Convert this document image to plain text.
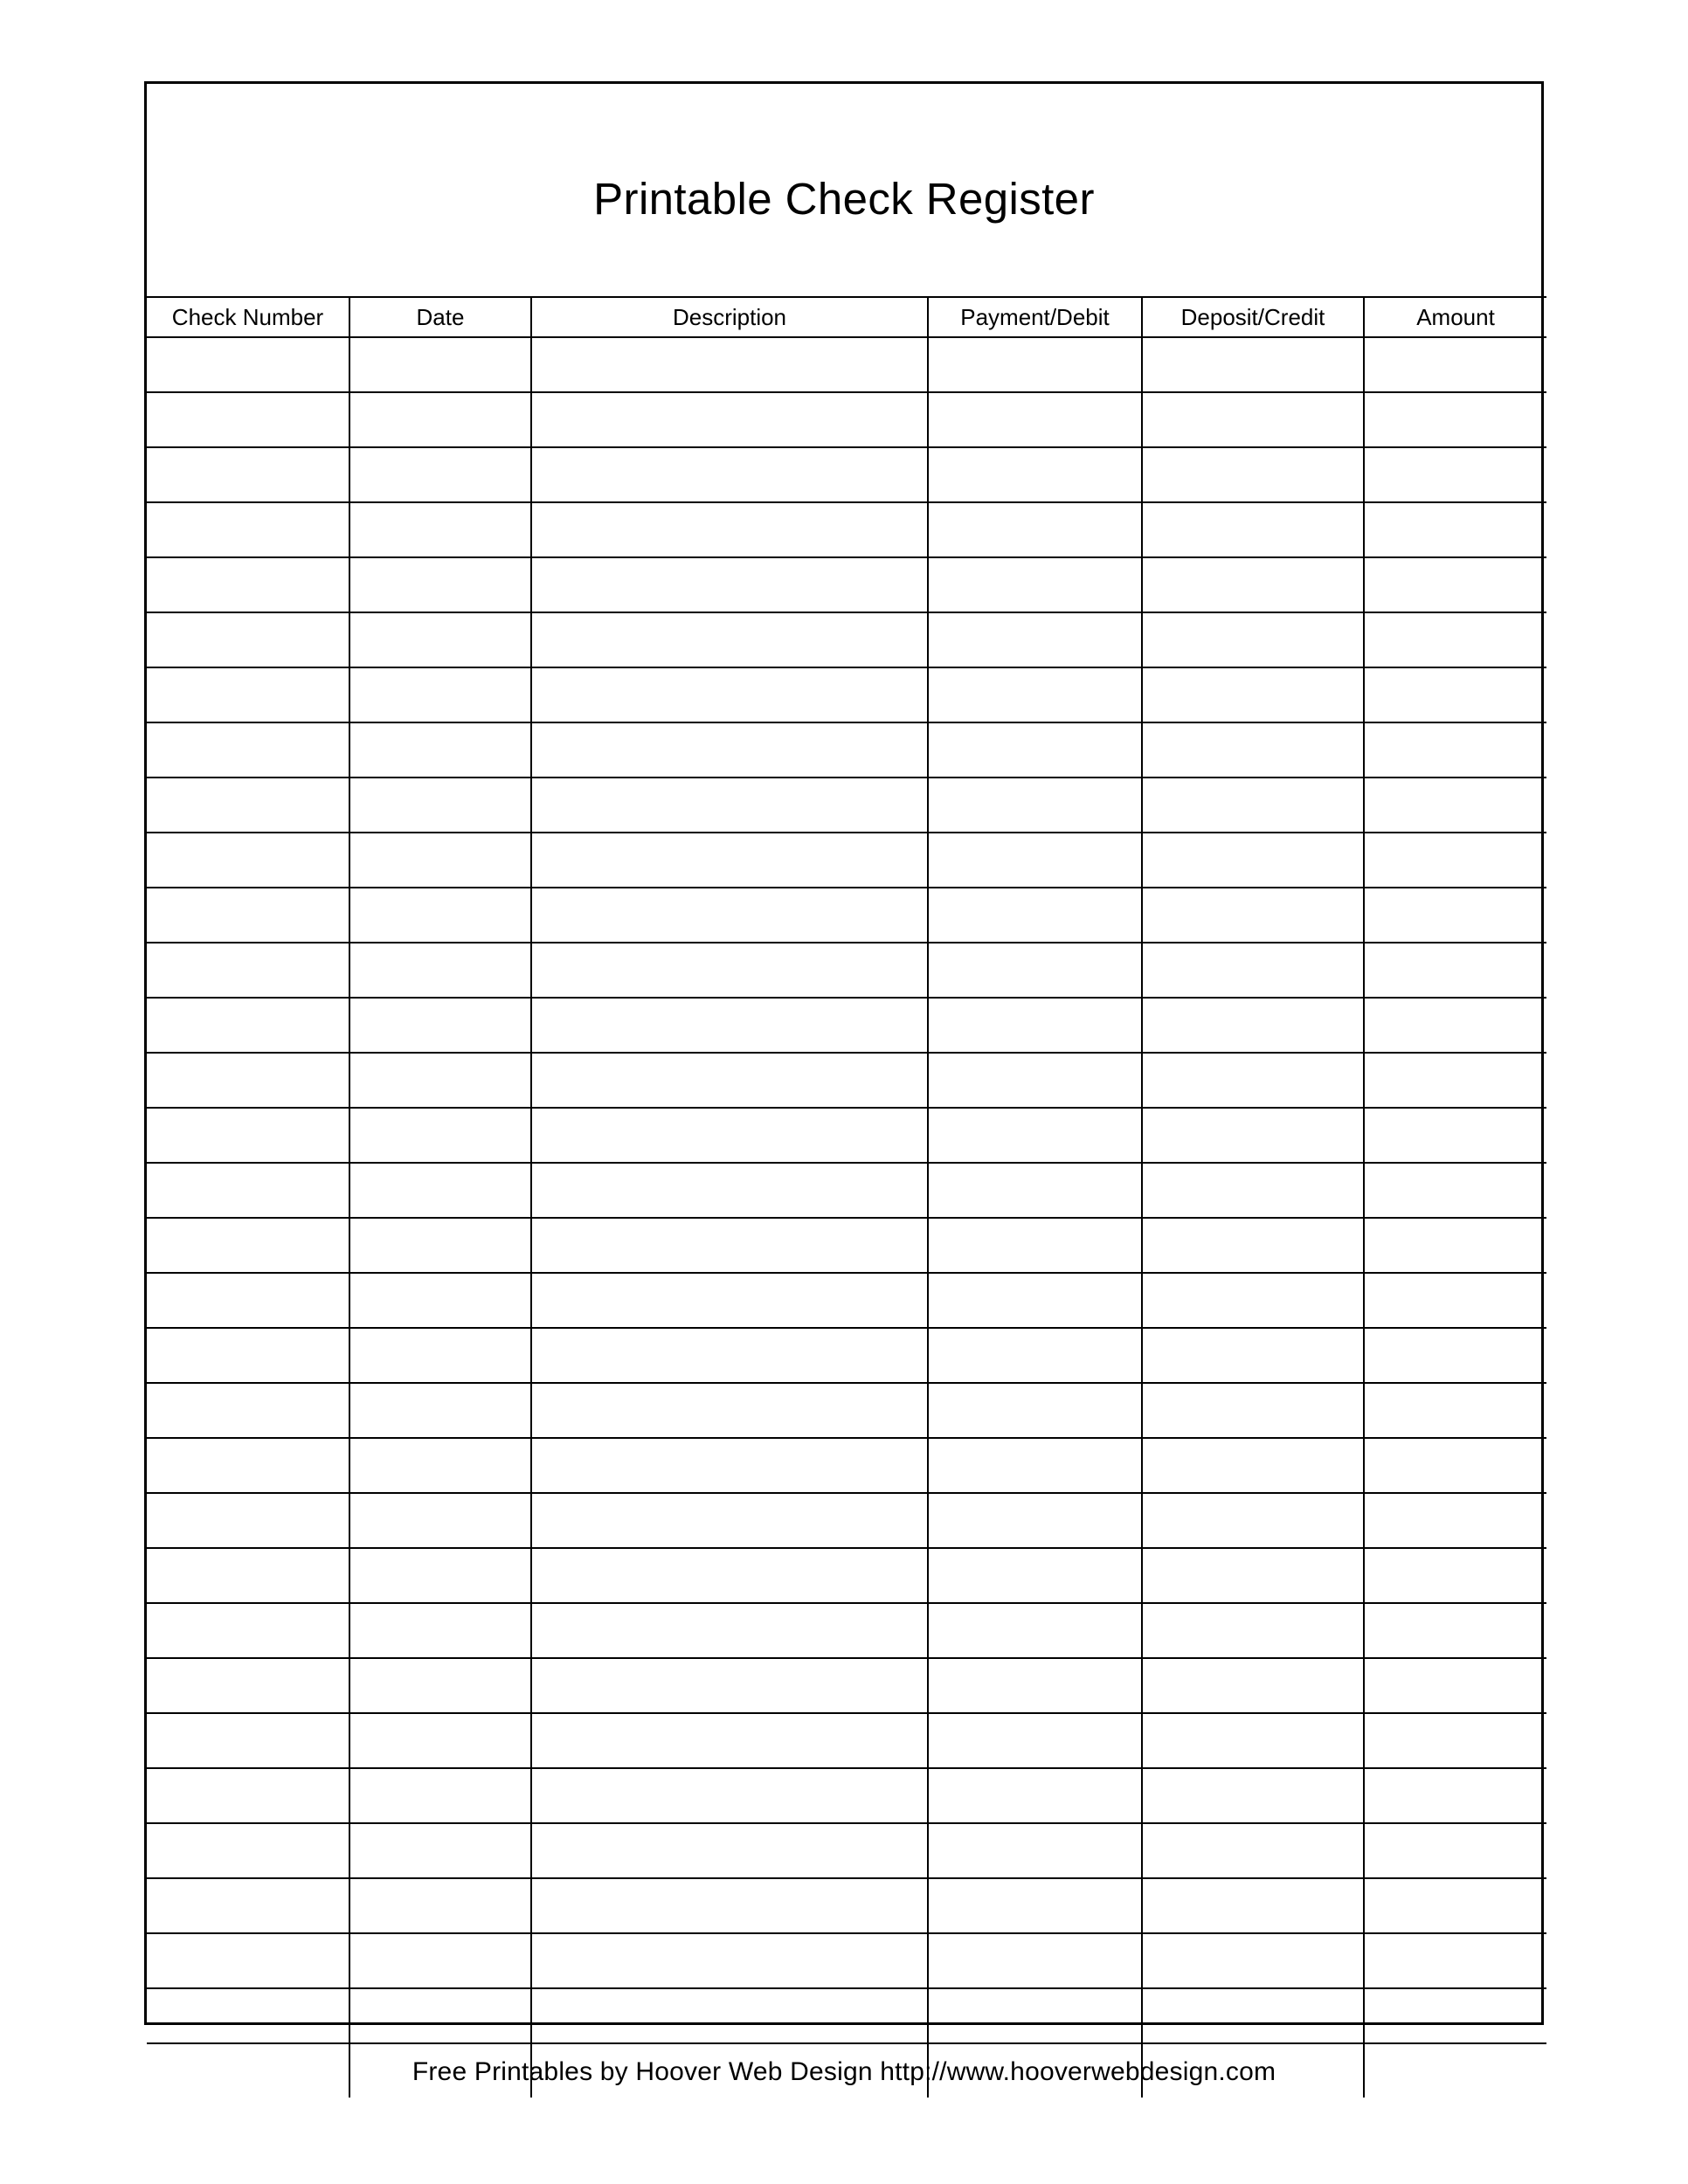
Printable Check Register
Check Number	Date	Description	Payment/Debit	Deposit/Credit	Amount

Free Printables by Hoover Web Design http://www.hooverwebdesign.com
